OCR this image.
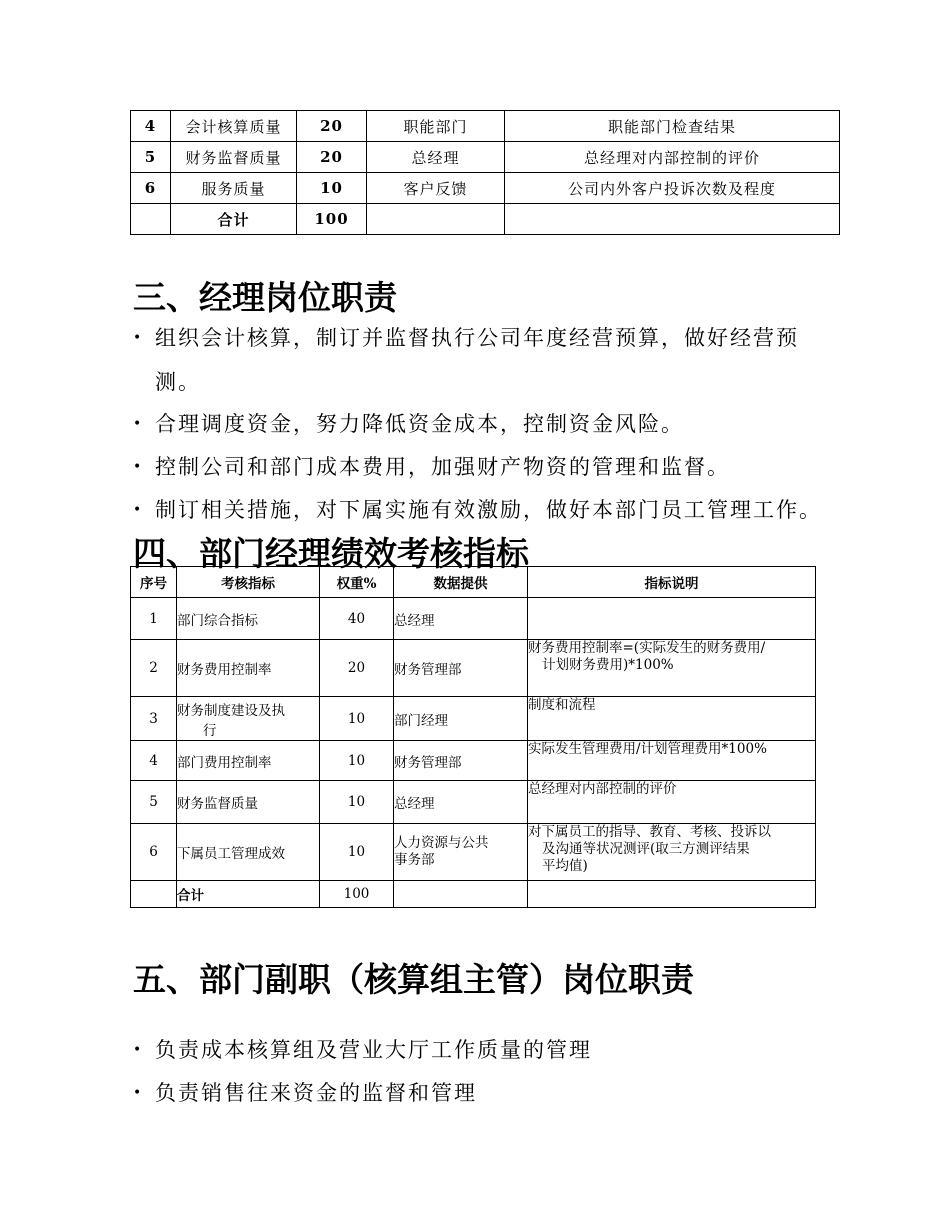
4	会计核算质量	20	职能部门	职能部门检查结果
5	财务监督质量	20	总经理	总经理对内部控制的评价
6	服务质量	10	客户反馈	公司内外客户投诉次数及程度
	合计	100		
三、经理岗位职责
• 组织会计核算，制订并监督执行公司年度经营预算，做好经营预
测。
• 合理调度资金，努力降低资金成本，控制资金风险。
• 控制公司和部门成本费用，加强财产物资的管理和监督。
• 制订相关措施，对下属实施有效激励，做好本部门员工管理工作。
四、部门经理绩效考核指标
序号	考核指标	权重%	数据提供	指标说明
1	部门综合指标	40	总经理	
2	财务费用控制率	20	财务管理部	财务费用控制率=(实际发生的财务费用/
计划财务费用)*100%

3	财务制度建设及执
行	10	部门经理	制度和流程
4	部门费用控制率	10	财务管理部	实际发生管理费用/计划管理费用*100%
5	财务监督质量	10	总经理	总经理对内部控制的评价
6	下属员工管理成效	10	人力资源与公共
事务部	对下属员工的指导、教育、考核、投诉以
及沟通等状况测评(取三方测评结果
平均值)

	合计	100		
五、部门副职（核算组主管）岗位职责
• 负责成本核算组及营业大厅工作质量的管理
• 负责销售往来资金的监督和管理
